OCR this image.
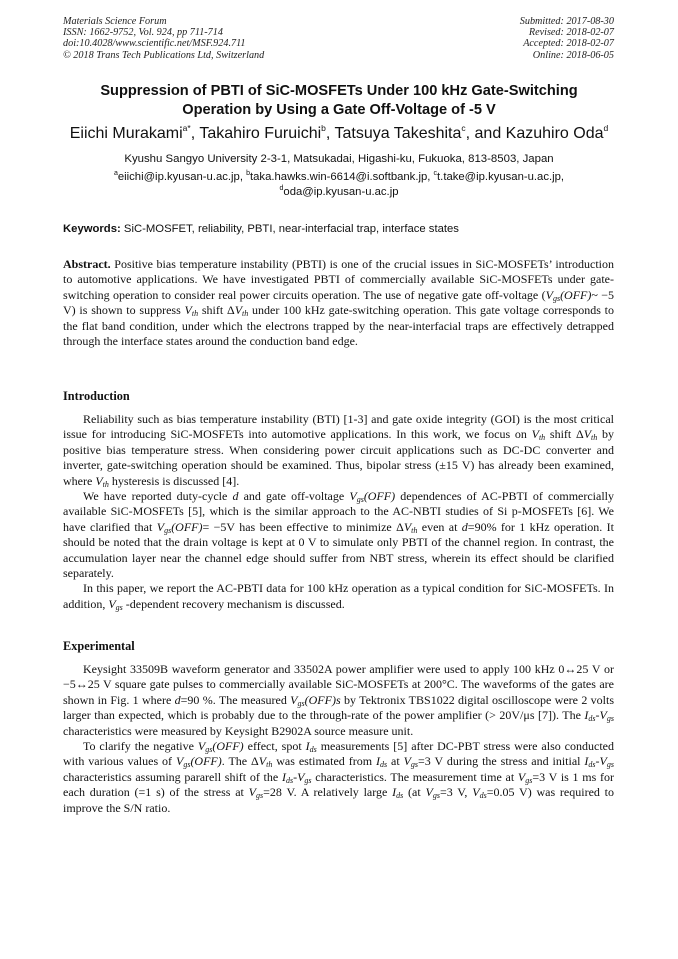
Materials Science Forum
ISSN: 1662-9752, Vol. 924, pp 711-714
doi:10.4028/www.scientific.net/MSF.924.711
© 2018 Trans Tech Publications Ltd, Switzerland
Submitted: 2017-08-30
Revised: 2018-02-07
Accepted: 2018-02-07
Online: 2018-06-05
Suppression of PBTI of SiC-MOSFETs Under 100 kHz Gate-Switching
Operation by Using a Gate Off-Voltage of -5 V
Eiichi Murakami$^{a*}$, Takahiro Furuichi$^b$, Tatsuya Takeshita$^c$, and Kazuhiro Oda$^d$
Kyushu Sangyo University 2-3-1, Matsukadai, Higashi-ku, Fukuoka, 813-8503, Japan
$^a$eiichi@ip.kyusan-u.ac.jp, $^b$taka.hawks.win-6614@i.softbank.jp, $^c$t.take@ip.kyusan-u.ac.jp,
$^d$oda@ip.kyusan-u.ac.jp
Keywords: SiC-MOSFET, reliability, PBTI, near-interfacial trap, interface states

Abstract. Positive bias temperature instability (PBTI) is one of the crucial issues in SiC-MOSFETs’ introduction to automotive applications. We have investigated PBTI of commercially available SiC-MOSFETs under gate-switching operation to consider real power circuits operation. The use of negative gate off-voltage ($V_{gs}(OFF)\sim -5$ V) is shown to suppress $V_{th}$ shift $\Delta V_{th}$ under 100 kHz gate-switching operation. This gate voltage corresponds to the flat band condition, under which the electrons trapped by the near-interfacial traps are effectively detrapped through the interface states around the conduction band edge.

Introduction

Reliability such as bias temperature instability (BTI) [1-3] and gate oxide integrity (GOI) is the most critical issue for introducing SiC-MOSFETs into automotive applications. In this work, we focus on $V_{th}$ shift $\Delta V_{th}$ by positive bias temperature stress. When considering power circuit applications such as DC-DC converter and inverter, gate-switching operation should be examined. Thus, bipolar stress (±15 V) has already been examined, where $V_{th}$ hysteresis is discussed [4].

We have reported duty-cycle d and gate off-voltage $V_{gs}(OFF)$ dependences of AC-PBTI of commercially available SiC-MOSFETs [5], which is the similar approach to the AC-NBTI studies of Si p-MOSFETs [6]. We have clarified that $V_{gs}(OFF)= -5V$ has been effective to minimize $\Delta V_{th}$ even at d=90% for 1 kHz operation. It should be noted that the drain voltage is kept at 0 V to simulate only PBTI of the channel region. In contrast, the accumulation layer near the channel edge should suffer from NBT stress, wherein its effect should be clarified separately.

In this paper, we report the AC-PBTI data for 100 kHz operation as a typical condition for SiC-MOSFETs. In addition, $V_{gs}$ -dependent recovery mechanism is discussed.

Experimental

Keysight 33509B waveform generator and 33502A power amplifier were used to apply 100 kHz 0↔25 V or −5↔25 V square gate pulses to commercially available SiC-MOSFETs at 200°C. The waveforms of the gates are shown in Fig. 1 where d=90 %. The measured $V_{gs}(OFF)s$ by Tektronix TBS1022 digital oscilloscope were 2 volts larger than expected, which is probably due to the through-rate of the power amplifier (> 20V/μs [7]). The $I_{ds}-V_{gs}$ characteristics were measured by Keysight B2902A source measure unit.

To clarify the negative $V_{gs}(OFF)$ effect, spot $I_{ds}$ measurements [5] after DC-PBT stress were also conducted with various values of $V_{gs}(OFF)$. The $\Delta V_{th}$ was estimated from $I_{ds}$ at $V_{gs}=3$ V during the stress and initial $I_{ds}-V_{gs}$ characteristics assuming pararell shift of the $I_{ds}-V_{gs}$ characteristics. The measurement time at $V_{gs}=3$ V is 1 ms for each duration (=1 s) of the stress at $V_{gs}=28$ V. A relatively large $I_{ds}$ (at $V_{gs}=3$ V, $V_{ds}=0.05$ V) was required to improve the S/N ratio.
